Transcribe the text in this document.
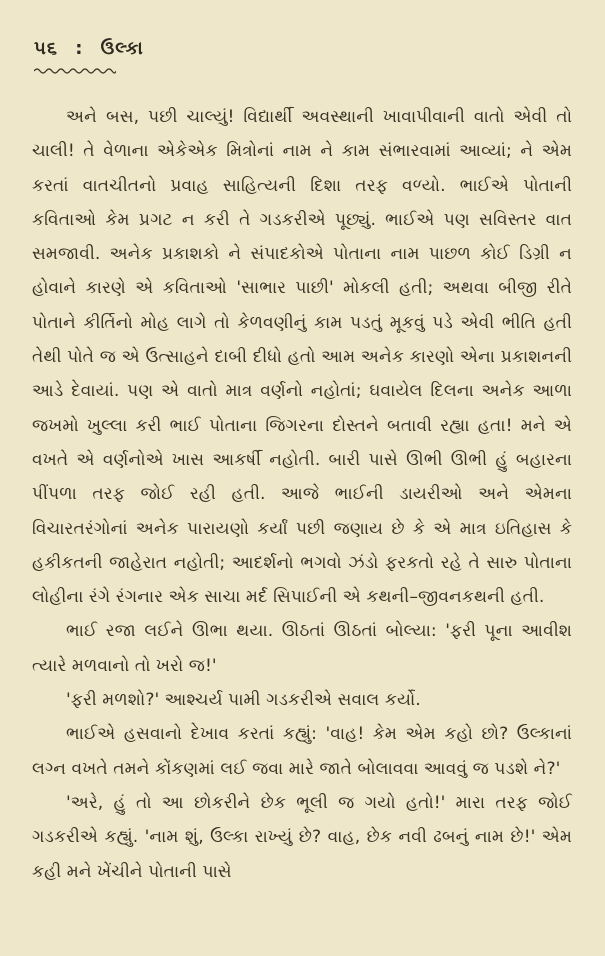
૫૬ : ઉલ્કા

અને બસ, પછી ચાલ્યું! વિદ્યાર્થી અવસ્થાની ખાવાપીવાની વાતો એવી તો ચાલી! તે વેળાના એકેએક મિત્રોનાં નામ ને કામ સંભારવામાં આવ્યાં; ને એમ કરતાં વાતચીતનો પ્રવાહ સાહિત્યની દિશા તરફ વળ્યો. ભાઈએ પોતાની કવિતાઓ કેમ પ્રગટ ન કરી તે ગડકરીએ પૂછ્યું. ભાઈએ પણ સવિસ્તર વાત સમજાવી. અનેક પ્રકાશકો ને સંપાદકોએ પોતાના નામ પાછળ કોઈ ડિગ્રી ન હોવાને કારણે એ કવિતાઓ 'સાભાર પાછી' મોકલી હતી; અથવા બીજી રીતે પોતાને કીર્તિનો મોહ લાગે તો કેળવણીનું કામ પડતું મૂકવું પડે એવી ભીતિ હતી તેથી પોતે જ એ ઉત્સાહને દાબી દીધો હતો આમ અનેક કારણો એના પ્રકાશનની આડે દેવાયાં. પણ એ વાતો માત્ર વર્ણનો નહોતાં; ઘવાયેલ દિલના અનેક આળા જખમો ખુલ્લા કરી ભાઈ પોતાના જિગરના દોસ્તને બતાવી રહ્યા હતા! મને એ વખતે એ વર્ણનોએ ખાસ આકર્ષી નહોતી. બારી પાસે ઊભી ઊભી હું બહારના પીંપળા તરફ જોઈ રહી હતી. આજે ભાઈની ડાયરીઓ અને એમના વિચારતરંગોનાં અનેક પારાયણો કર્યાં પછી જણાય છે કે એ માત્ર ઇતિહાસ કે હકીકતની જાહેરાત નહોતી; આદર્શનો ભગવો ઝંડો ફરકતો રહે તે સારુ પોતાના લોહીના રંગે રંગનાર એક સાચા મર્દ સિપાઈની એ કથની–જીવનકથની હતી.

ભાઈ રજા લઈને ઊભા થયા. ઊઠતાં ઊઠતાં બોલ્યા: 'ફરી પૂના આવીશ ત્યારે મળવાનો તો ખરો જ!'

'ફરી મળશો?' આશ્ચર્ય પામી ગડકરીએ સવાલ કર્યો.

ભાઈએ હસવાનો દેખાવ કરતાં કહ્યું: 'વાહ! કેમ એમ કહો છો? ઉલ્કાનાં લગ્ન વખતે તમને કોંકણમાં લઈ જવા મારે જાતે બોલાવવા આવવું જ પડશે ને?'

'અરે, હું તો આ છોકરીને છેક ભૂલી જ ગયો હતો!' મારા તરફ જોઈ ગડકરીએ કહ્યું. 'નામ શું, ઉલ્કા રાખ્યું છે? વાહ, છેક નવી ઢબનું નામ છે!' એમ કહી મને ખેંચીને પોતાની પાસે
